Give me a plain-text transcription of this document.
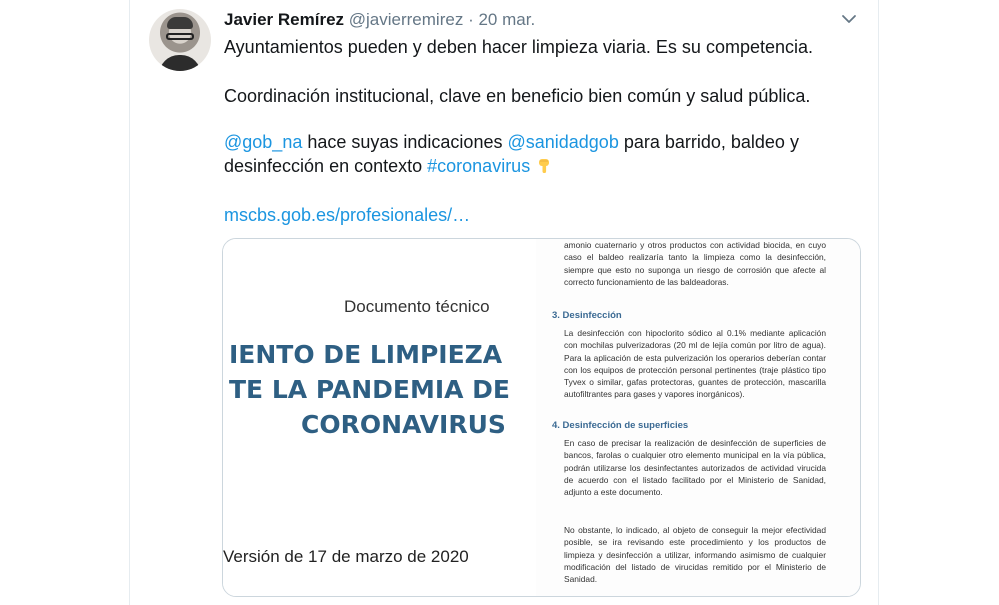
Javier Remírez @javierremirez · 20 mar.
Ayuntamientos pueden y deben hacer limpieza viaria. Es su competencia.
Coordinación institucional, clave en beneficio bien común y salud pública.
@gob_na hace suyas indicaciones @sanidadgob para barrido, baldeo y
desinfección en contexto #coronavirus
mscbs.gob.es/profesionales/…
Documento técnico
IENTO DE LIMPIEZA
TE LA PANDEMIA DE
CORONAVIRUS
Versión de 17 de marzo de 2020
amonio cuaternario y otros productos con actividad biocida, en cuyo caso el baldeo realizaría tanto la limpieza como la desinfección, siempre que esto no suponga un riesgo de corrosión que afecte al correcto funcionamiento de las baldeadoras.
3. Desinfección
La desinfección con hipoclorito sódico al 0.1% mediante aplicación con mochilas pulverizadoras (20 ml de lejía común por litro de agua). Para la aplicación de esta pulverización los operarios deberían contar con los equipos de protección personal pertinentes (traje plástico tipo Tyvex o similar, gafas protectoras, guantes de protección, mascarilla autofiltrantes para gases y vapores inorgánicos).
4. Desinfección de superficies
En caso de precisar la realización de desinfección de superficies de bancos, farolas o cualquier otro elemento municipal en la vía pública, podrán utilizarse los desinfectantes autorizados de actividad virucida de acuerdo con el listado facilitado por el Ministerio de Sanidad, adjunto a este documento.
No obstante, lo indicado, al objeto de conseguir la mejor efectividad posible, se ira revisando este procedimiento y los productos de limpieza y desinfección a utilizar, informando asimismo de cualquier modificación del listado de virucidas remitido por el Ministerio de Sanidad.
